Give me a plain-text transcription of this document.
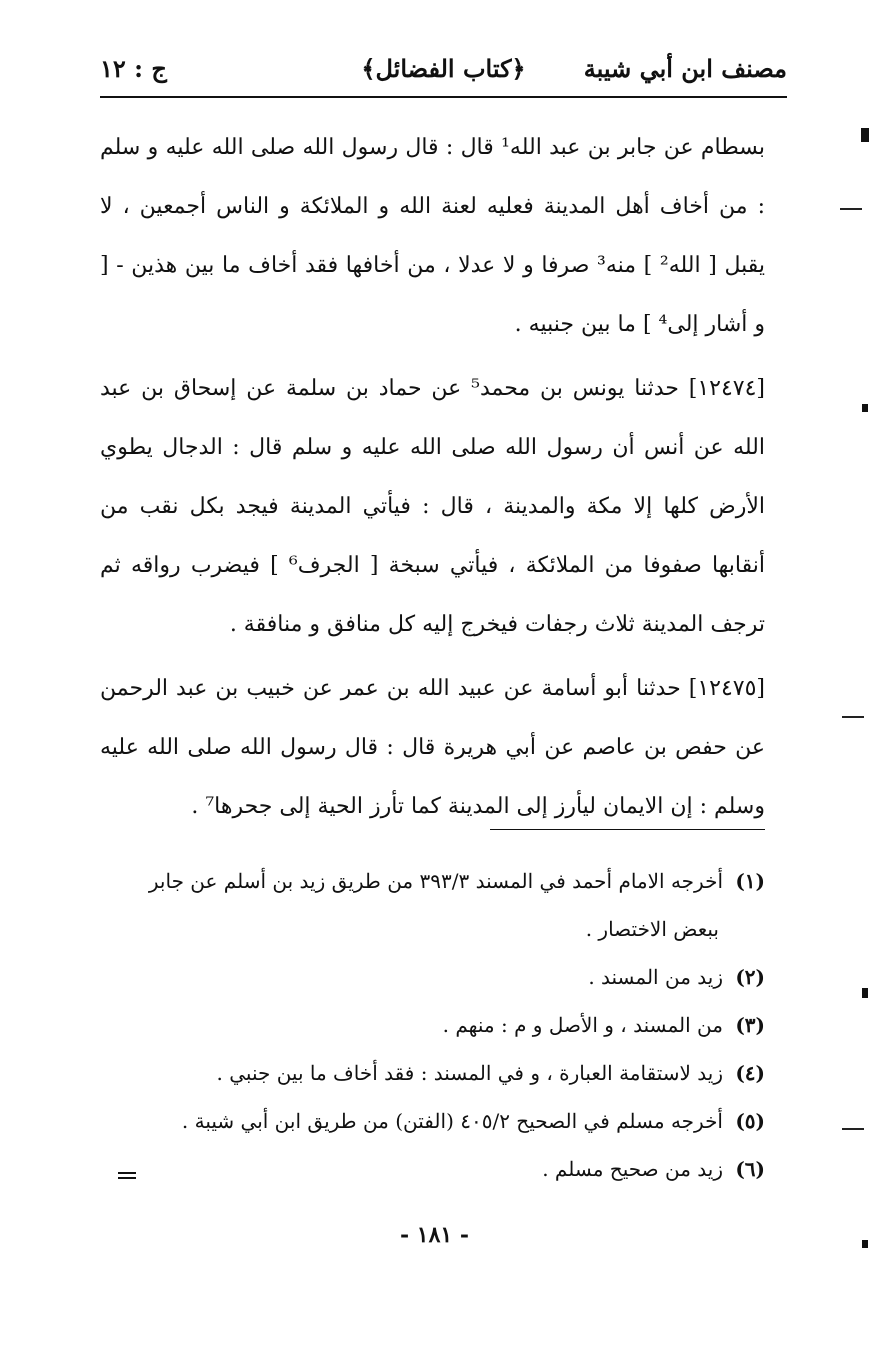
مصنف ابن أبي شيبة
﴿كتاب الفضائل﴾
ج : ١٢

بسطام عن جابر بن عبد الله¹ قال : قال رسول الله صلى الله عليه و سلم : من أخاف أهل المدينة فعليه لعنة الله و الملائكة و الناس أجمعين ، لا يقبل [ الله² ] منه³ صرفا و لا عدلا ، من أخافها فقد أخاف ما بين هذين - [ و أشار إلى⁴ ] ما بين جنبيه .

[١٢٤٧٤] حدثنا يونس بن محمد⁵ عن حماد بن سلمة عن إسحاق بن عبد الله عن أنس أن رسول الله صلى الله عليه و سلم قال : الدجال يطوي الأرض كلها إلا مكة والمدينة ، قال : فيأتي المدينة فيجد بكل نقب من أنقابها صفوفا من الملائكة ، فيأتي سبخة [ الجرف⁶ ] فيضرب رواقه ثم ترجف المدينة ثلاث رجفات فيخرج إليه كل منافق و منافقة .

[١٢٤٧٥] حدثنا أبو أسامة عن عبيد الله بن عمر عن خبيب بن عبد الرحمن عن حفص بن عاصم عن أبي هريرة قال : قال رسول الله صلى الله عليه وسلم : إن الايمان ليأرز إلى المدينة كما تأرز الحية إلى جحرها⁷ .

(١)أخرجه الامام أحمد في المسند ٣٩٣/٣ من طريق زيد بن أسلم عن جابر ببعض الاختصار .

(٢)زيد من المسند .

(٣)من المسند ، و الأصل و م : منهم .

(٤)زيد لاستقامة العبارة ، و في المسند : فقد أخاف ما بين جنبي .

(٥)أخرجه مسلم في الصحيح ٤٠٥/٢ (الفتن) من طريق ابن أبي شيبة .

(٦)زيد من صحيح مسلم .

- ١٨١ -
